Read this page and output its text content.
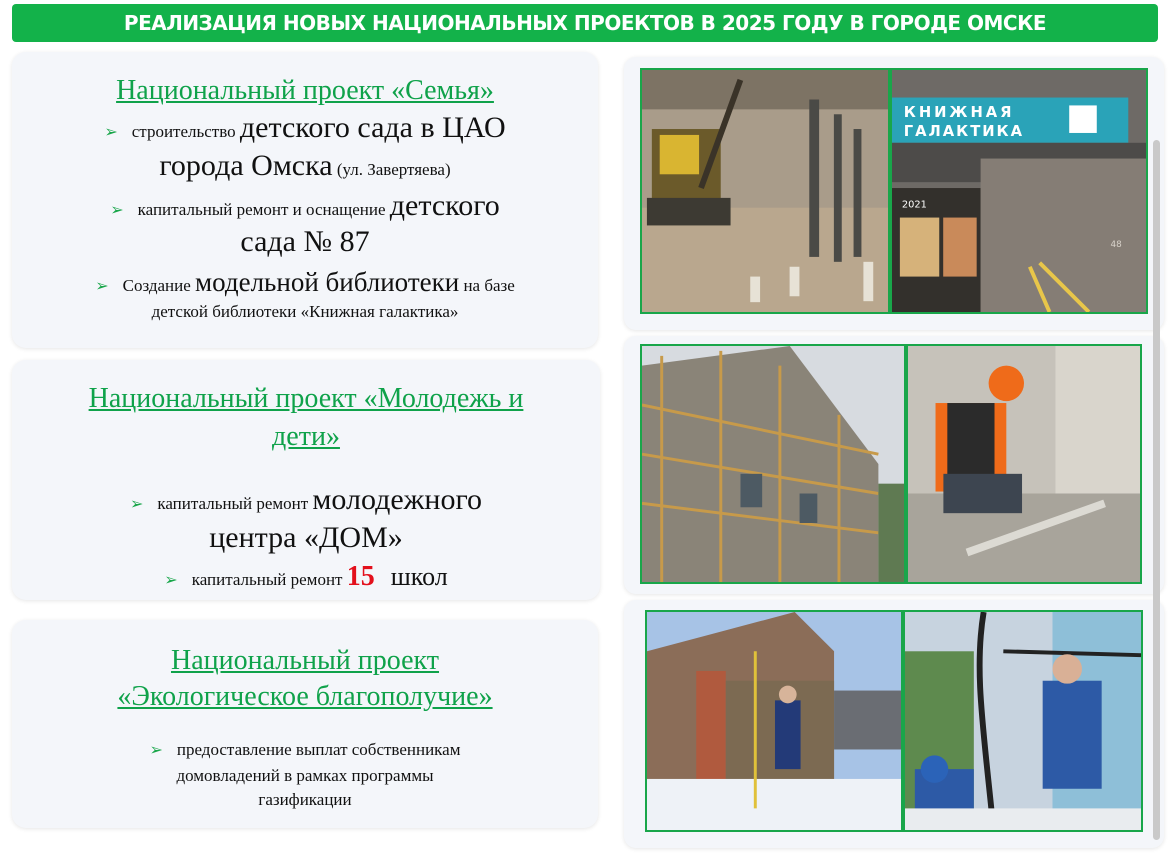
РЕАЛИЗАЦИЯ НОВЫХ НАЦИОНАЛЬНЫХ ПРОЕКТОВ В 2025 ГОДУ В ГОРОДЕ ОМСКЕ
Национальный проект «Семья»
➢ строительство детского сада в ЦАО
города Омска (ул. Завертяева)
➢ капитальный ремонт и оснащение детского
сада № 87
➢ Создание модельной библиотеки на базе
детской библиотеки «Книжная галактика»
Национальный проект «Молодежь и
дети»
➢ капитальный ремонт молодежного
центра «ДОМ»
➢ капитальный ремонт 15 школ
Национальный проект
«Экологическое благополучие»
➢ предоставление выплат собственникам
домовладений в рамках программы
газификации
КНИЖНАЯ
ГАЛАКТИКА
2021
48
